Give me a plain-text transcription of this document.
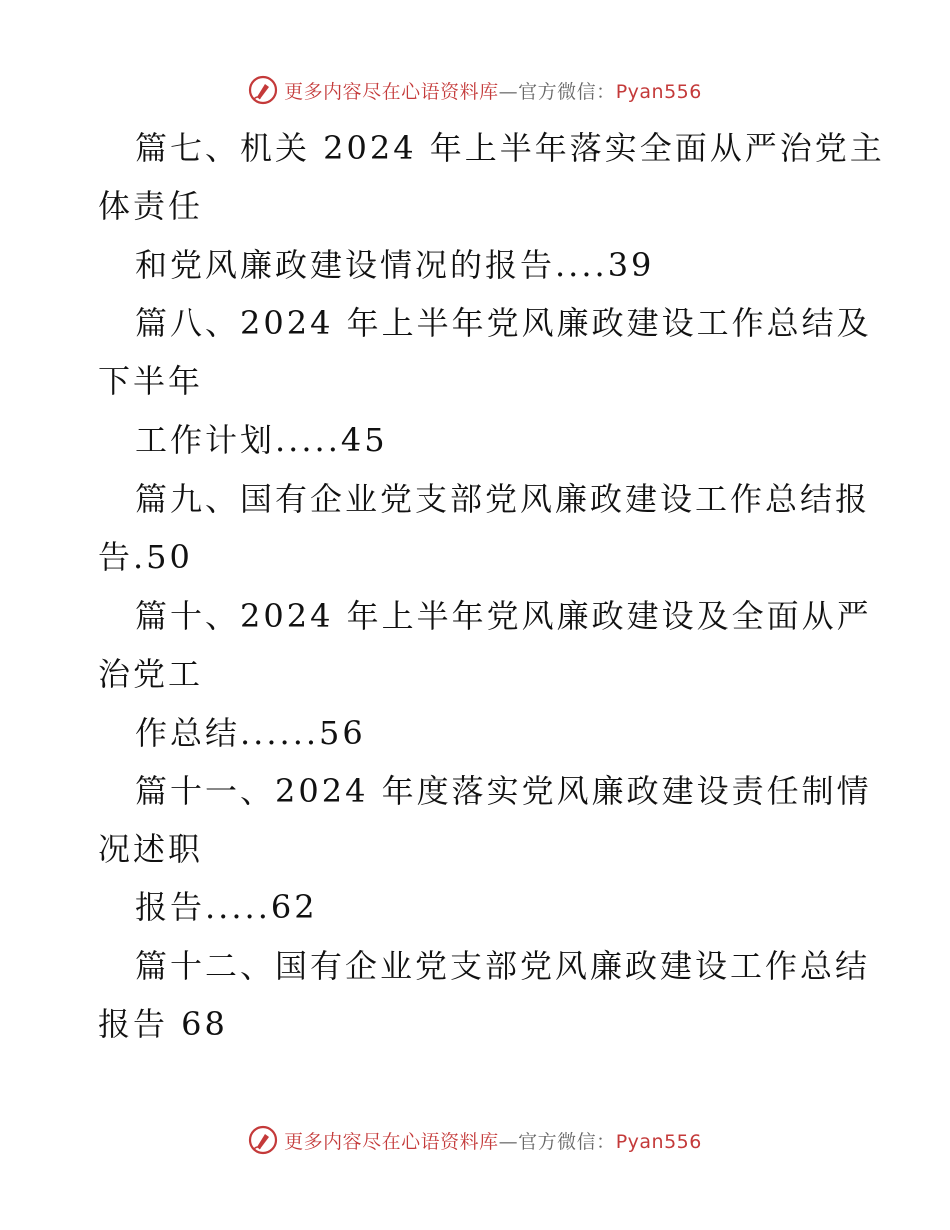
更多内容尽在心语资料库—官方微信：Pyan556
篇七、机关 2024 年上半年落实全面从严治党主
体责任
和党风廉政建设情况的报告....39
篇八、2024 年上半年党风廉政建设工作总结及
下半年
工作计划.....45
篇九、国有企业党支部党风廉政建设工作总结报
告.50
篇十、2024 年上半年党风廉政建设及全面从严
治党工
作总结......56
篇十一、2024 年度落实党风廉政建设责任制情
况述职
报告.....62
篇十二、国有企业党支部党风廉政建设工作总结
报告 68
更多内容尽在心语资料库—官方微信：Pyan556
